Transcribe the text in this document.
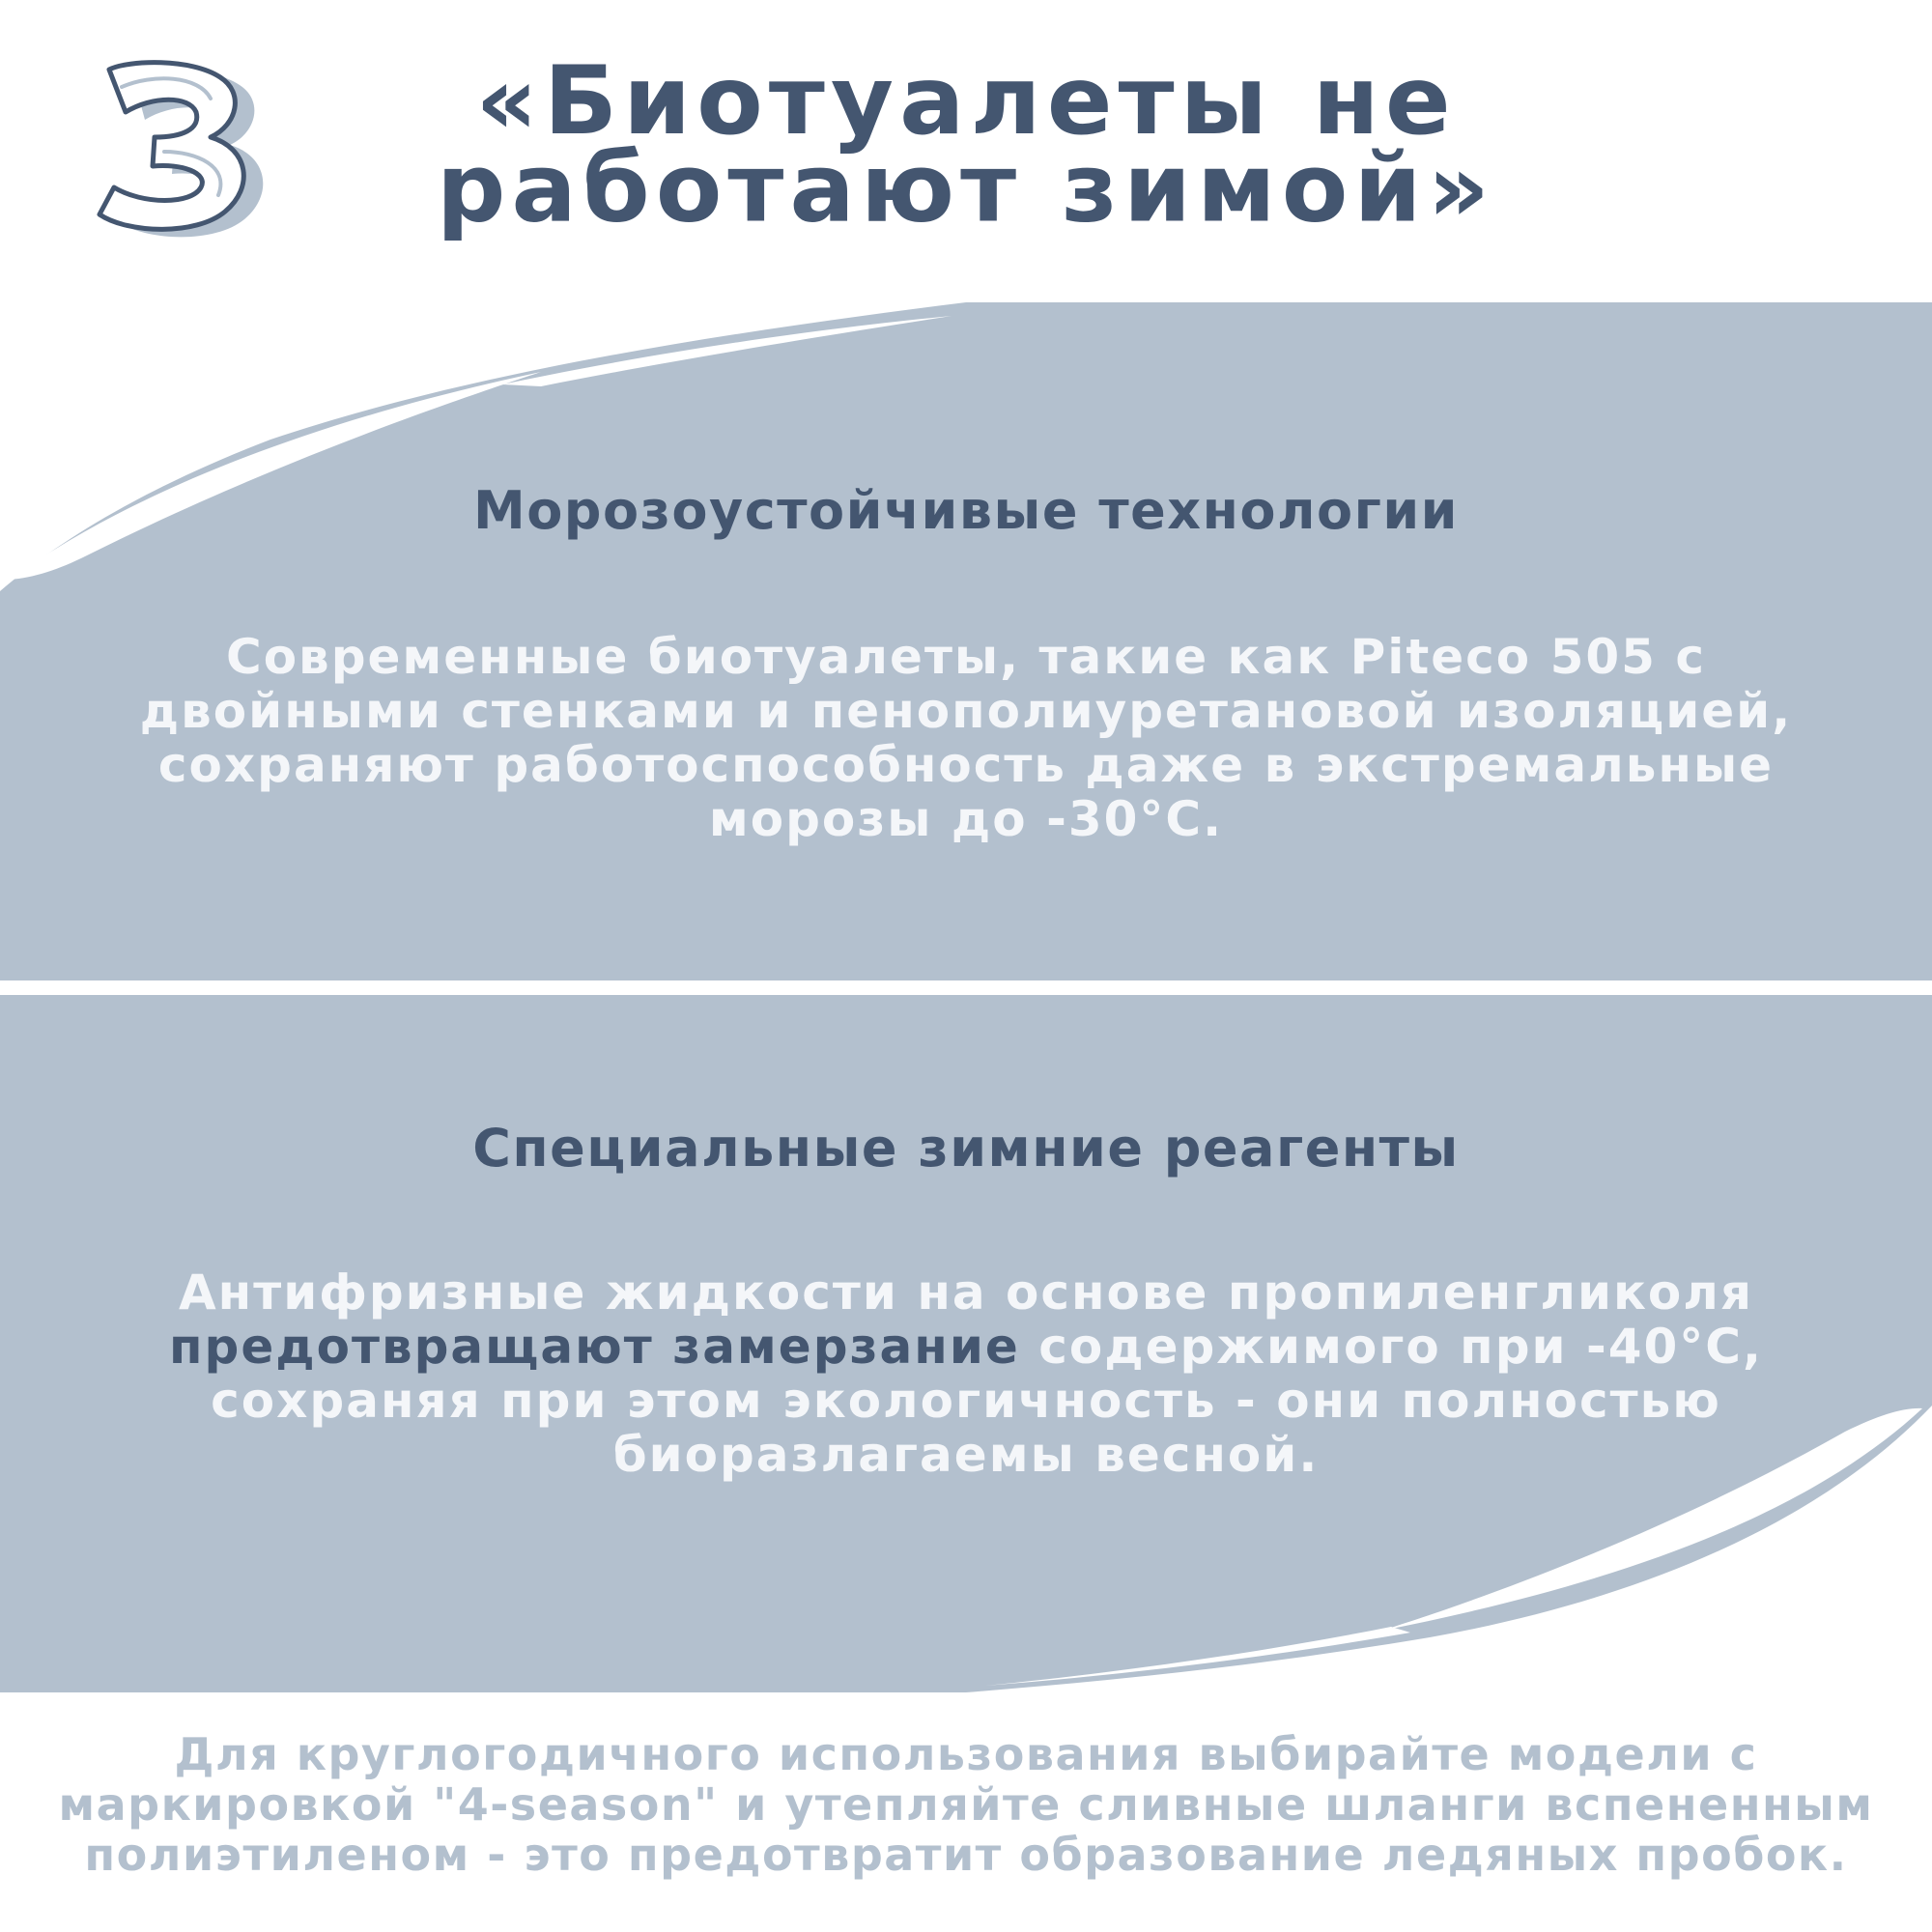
«Биотуалеты не
работают зимой»
Морозоустойчивые технологии

Современные биотуалеты, такие как Piteco 505 с двойными стенками и пенополиуретановой изоляцией, сохраняют работоспособность даже в экстремальные морозы до -30°C.

Специальные зимние реагенты

Антифризные жидкости на основе пропиленгликоля предотвращают замерзание содержимого при -40°C, сохраняя при этом экологичность - они полностью биоразлагаемы весной.

Для круглогодичного использования выбирайте модели с маркировкой "4-season" и утепляйте сливные шланги вспененным полиэтиленом - это предотвратит образование ледяных пробок.
